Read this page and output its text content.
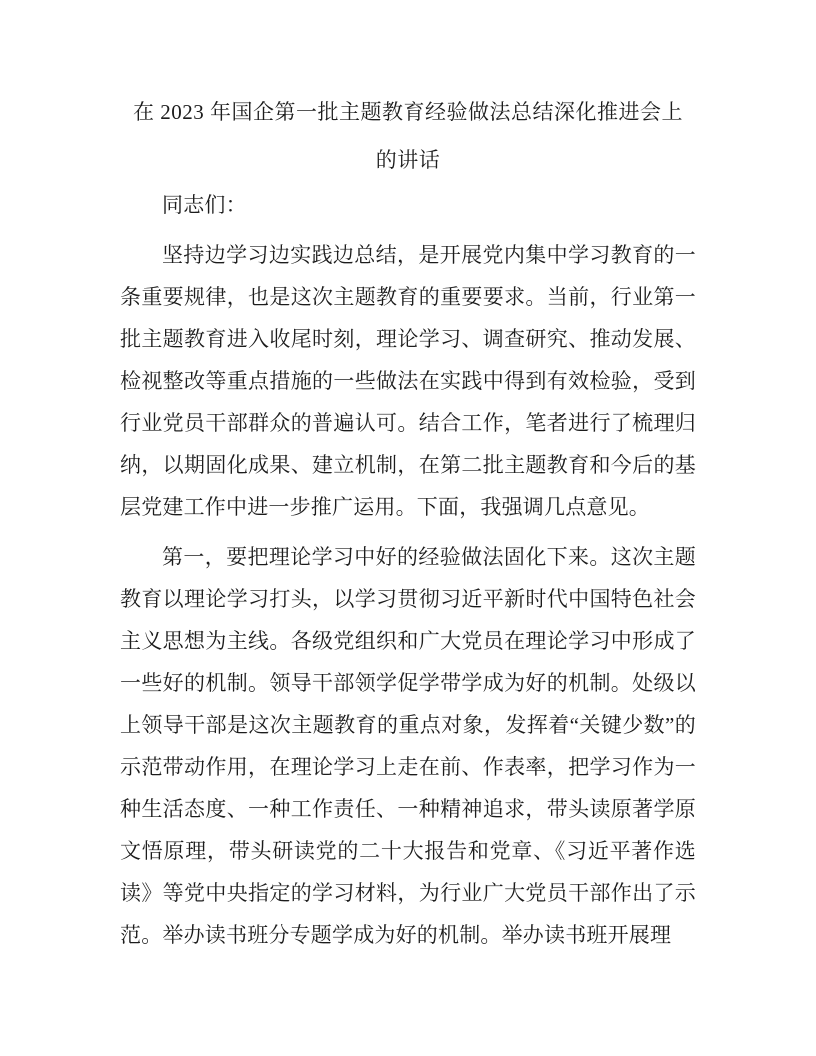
在 2023 年国企第一批主题教育经验做法总结深化推进会上的讲话

同志们：

坚持边学习边实践边总结，是开展党内集中学习教育的一条重要规律，也是这次主题教育的重要要求。当前，行业第一批主题教育进入收尾时刻，理论学习、调查研究、推动发展、检视整改等重点措施的一些做法在实践中得到有效检验，受到行业党员干部群众的普遍认可。结合工作，笔者进行了梳理归纳，以期固化成果、建立机制，在第二批主题教育和今后的基层党建工作中进一步推广运用。下面，我强调几点意见。

第一，要把理论学习中好的经验做法固化下来。这次主题教育以理论学习打头，以学习贯彻习近平新时代中国特色社会主义思想为主线。各级党组织和广大党员在理论学习中形成了一些好的机制。领导干部领学促学带学成为好的机制。处级以上领导干部是这次主题教育的重点对象，发挥着“关键少数”的示范带动作用，在理论学习上走在前、作表率，把学习作为一种生活态度、一种工作责任、一种精神追求，带头读原著学原文悟原理，带头研读党的二十大报告和党章、《习近平著作选读》等党中央指定的学习材料，为行业广大党员干部作出了示范。举办读书班分专题学成为好的机制。举办读书班开展理
